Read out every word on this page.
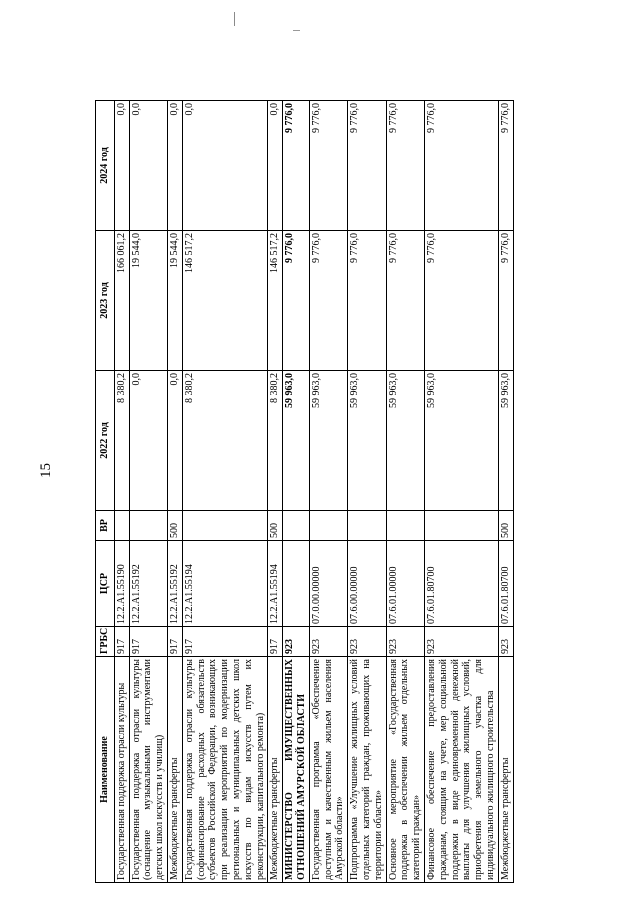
15
Наименование	ГРБС	ЦСР	ВР	2022 год	2023 год	2024 год
Государственная поддержка отрасли культуры	917	12.2.A1.55190		8 380,2	166 061,2	0,0
Государственная поддержка отрасли культуры (оснащение музыкальными инструментами детских школ искусств и училищ)	917	12.2.A1.55192		0,0	19 544,0	0,0
Межбюджетные трансферты	917	12.2.A1.55192	500	0,0	19 544,0	0,0
Государственная поддержка отрасли культуры (софинансирование расходных обязательств субъектов Российской Федерации, возникающих при реализации мероприятий по модернизации региональных и муниципальных детских школ искусств по видам искусств путем их реконструкции, капитального ремонта)	917	12.2.A1.55194		8 380,2	146 517,2	0,0
Межбюджетные трансферты	917	12.2.A1.55194	500	8 380,2	146 517,2	0,0
МИНИСТЕРСТВО ИМУЩЕСТВЕННЫХ ОТНОШЕНИЙ АМУРСКОЙ ОБЛАСТИ	923			59 963,0	9 776,0	9 776,0
Государственная программа «Обеспечение доступным и качественным жильем населения Амурской области»	923	07.0.00.00000		59 963,0	9 776,0	9 776,0
Подпрограмма «Улучшение жилищных условий отдельных категорий граждан, проживающих на территории области»	923	07.6.00.00000		59 963,0	9 776,0	9 776,0
Основное мероприятие «Государственная поддержка в обеспечении жильем отдельных категорий граждан»	923	07.6.01.00000		59 963,0	9 776,0	9 776,0
Финансовое обеспечение предоставления гражданам, стоящим на учете, мер социальной поддержки в виде единовременной денежной выплаты для улучшения жилищных условий, приобретения земельного участка для индивидуального жилищного строительства	923	07.6.01.80700		59 963,0	9 776,0	9 776,0
Межбюджетные трансферты	923	07.6.01.80700	500	59 963,0	9 776,0	9 776,0
